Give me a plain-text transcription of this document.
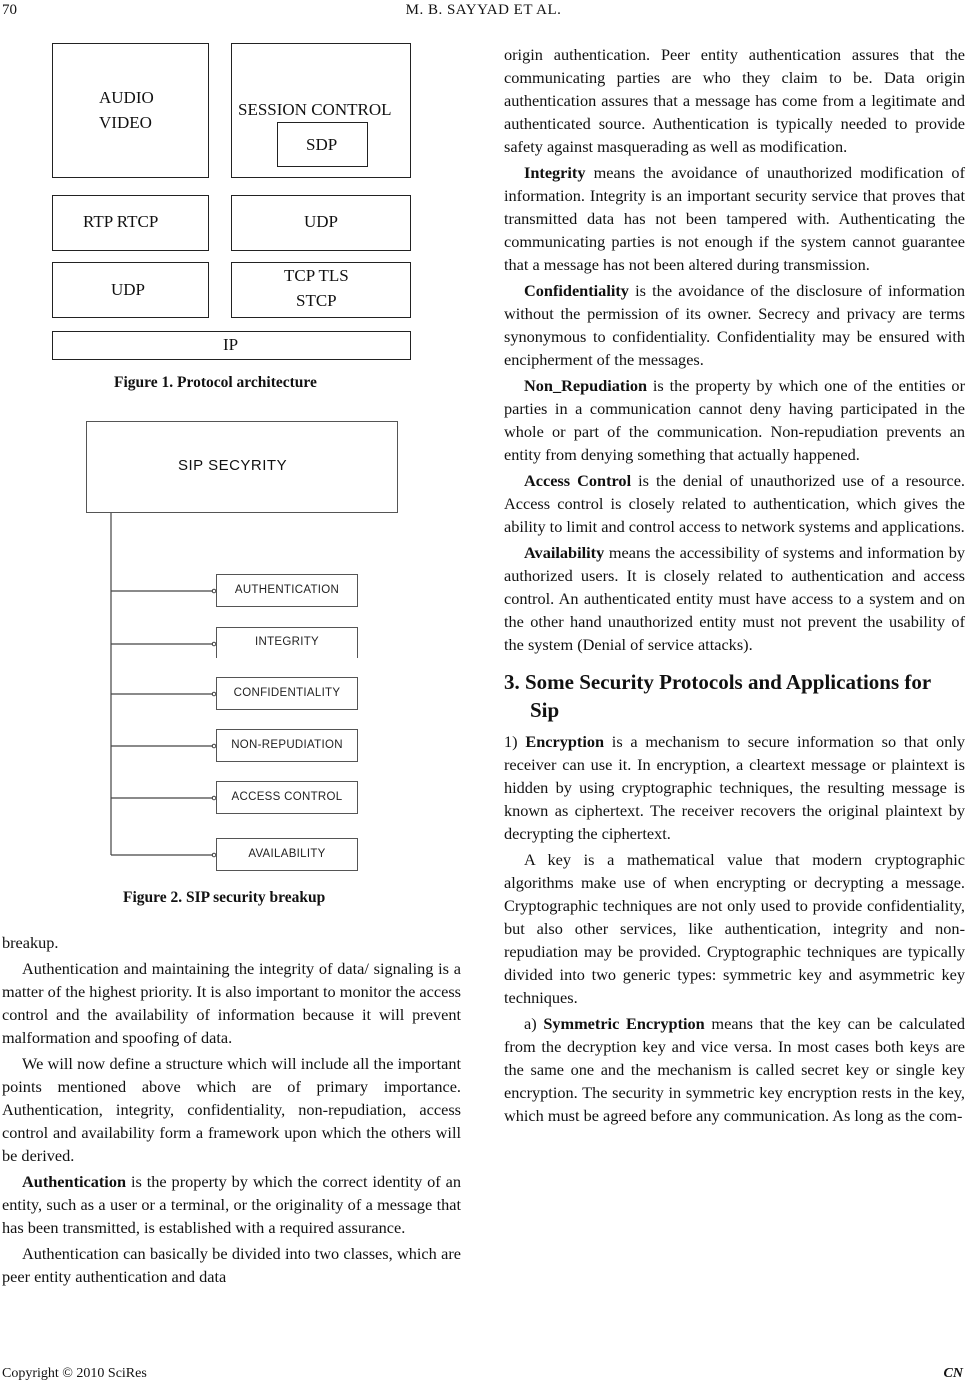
70	M. B. SAYYAD ET AL.
AUDIO
VIDEO
SESSION CONTROL
SDP
RTP RTCP	UDP
UDP
TCP TLS
STCP
IP
Figure 1. Protocol architecture
SIP SECYRITY
AUTHENTICATION
INTEGRITY
CONFIDENTIALITY
NON-REPUDIATION
ACCESS CONTROL
AVAILABILITY
Figure 2. SIP security breakup

breakup.

Authentication and maintaining the integrity of data/ signaling is a matter of the highest priority. It is also important to monitor the access control and the availability of information because it will prevent malformation and spoofing of data.

We will now define a structure which will include all the important points mentioned above which are of primary importance. Authentication, integrity, confidentiality, non-repudiation, access control and availability form a framework upon which the others will be derived.

Authentication is the property by which the correct identity of an entity, such as a user or a terminal, or the originality of a message that has been transmitted, is established with a required assurance.

Authentication can basically be divided into two classes, which are peer entity authentication and data

origin authentication. Peer entity authentication assures that the communicating parties are who they claim to be. Data origin authentication assures that a message has come from a legitimate and authenticated source. Authentication is typically needed to provide safety against masquerading as well as modification.

Integrity means the avoidance of unauthorized modification of information. Integrity is an important security service that proves that transmitted data has not been tampered with. Authenticating the communicating parties is not enough if the system cannot guarantee that a message has not been altered during transmission.

Confidentiality is the avoidance of the disclosure of information without the permission of its owner. Secrecy and privacy are terms synonymous to confidentiality. Confidentiality may be ensured with encipherment of the messages.

Non_Repudiation is the property by which one of the entities or parties in a communication cannot deny having participated in the whole or part of the communication. Non-repudiation prevents an entity from denying something that actually happened.

Access Control is the denial of unauthorized use of a resource. Access control is closely related to authentication, which gives the ability to limit and control access to network systems and applications.

Availability means the accessibility of systems and information by authorized users. It is closely related to authentication and access control. An authenticated entity must have access to a system and on the other hand unauthorized entity must not prevent the usability of the system (Denial of service attacks).

3. Some Security Protocols and Applications for Sip

1) Encryption is a mechanism to secure information so that only receiver can use it. In encryption, a cleartext message or plaintext is hidden by using cryptographic techniques, the resulting message is known as ciphertext. The receiver recovers the original plaintext by decrypting the ciphertext.

A key is a mathematical value that modern cryptographic algorithms make use of when encrypting or decrypting a message. Cryptographic techniques are not only used to provide confidentiality, but also other services, like authentication, integrity and non-repudiation may be provided. Cryptographic techniques are typically divided into two generic types: symmetric key and asymmetric key techniques.

a) Symmetric Encryption means that the key can be calculated from the decryption key and vice versa. In most cases both keys are the same one and the mechanism is called secret key or single key encryption. The security in symmetric key encryption rests in the key, which must be agreed before any communication. As long as the com-

Copyright © 2010 SciRes	CN
